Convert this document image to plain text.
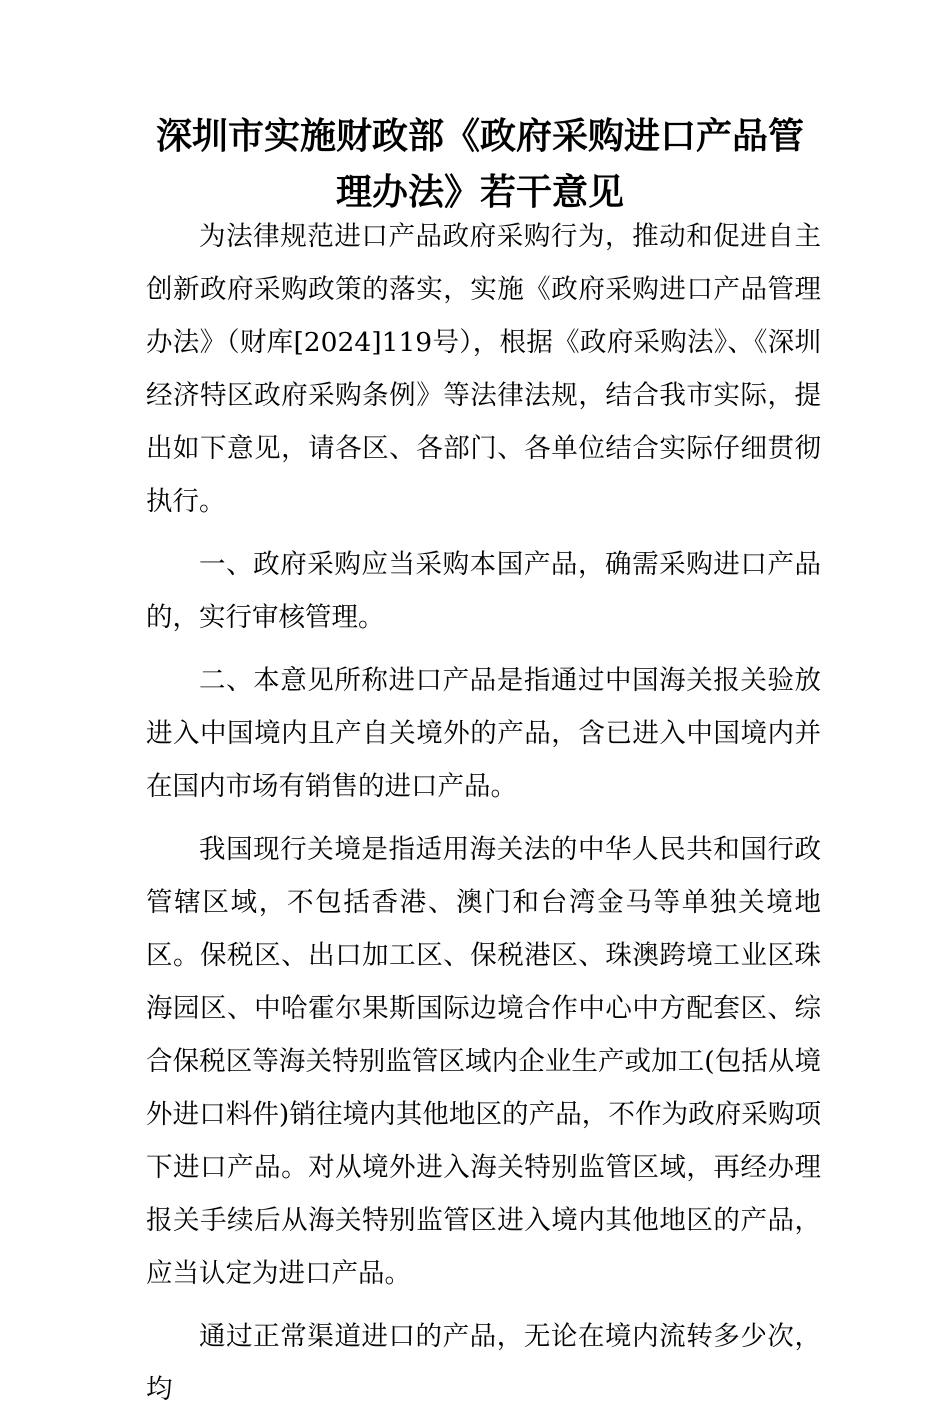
深圳市实施财政部《政府采购进口产品管理办法》若干意见

为法律规范进口产品政府采购行为，推动和促进自主创新政府采购政策的落实，实施《政府采购进口产品管理办法》（财库[2024]119号），根据《政府采购法》、《深圳经济特区政府采购条例》等法律法规，结合我市实际，提出如下意见，请各区、各部门、各单位结合实际仔细贯彻执行。

一、政府采购应当采购本国产品，确需采购进口产品的，实行审核管理。

二、本意见所称进口产品是指通过中国海关报关验放进入中国境内且产自关境外的产品，含已进入中国境内并在国内市场有销售的进口产品。

我国现行关境是指适用海关法的中华人民共和国行政管辖区域，不包括香港、澳门和台湾金马等单独关境地区。保税区、出口加工区、保税港区、珠澳跨境工业区珠海园区、中哈霍尔果斯国际边境合作中心中方配套区、综合保税区等海关特别监管区域内企业生产或加工(包括从境外进口料件)销往境内其他地区的产品，不作为政府采购项下进口产品。对从境外进入海关特别监管区域，再经办理报关手续后从海关特别监管区进入境内其他地区的产品，应当认定为进口产品。

通过正常渠道进口的产品，无论在境内流转多少次，均
